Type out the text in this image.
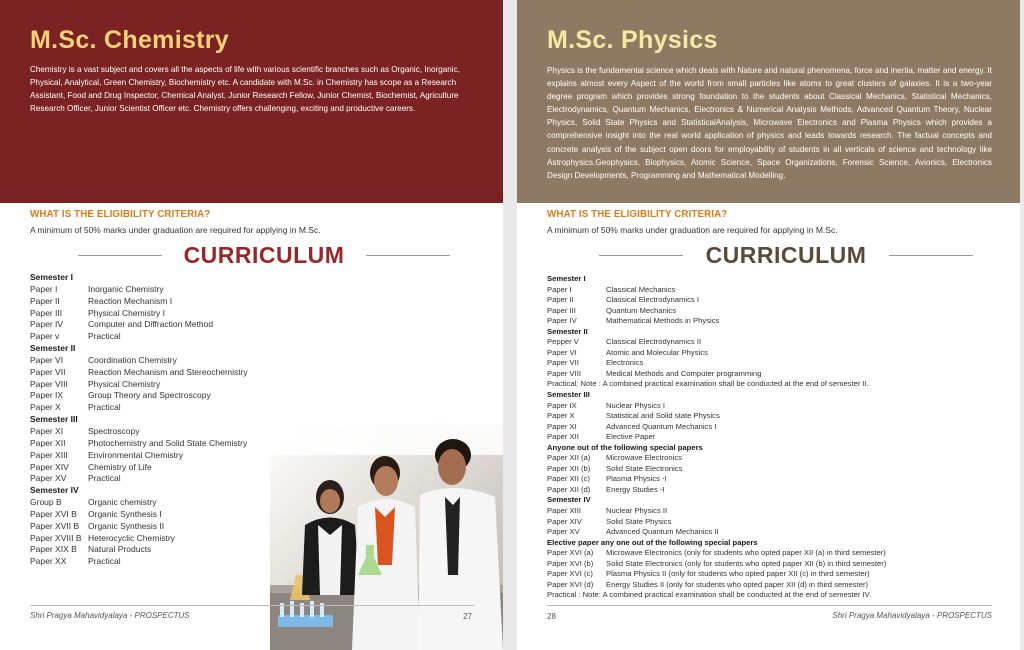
M.Sc. Chemistry
Chemistry is a vast subject and covers all the aspects of life with various scientific branches such as Organic, Inorganic, Physical, Analytical, Green Chemistry, Biochemistry etc. A candidate with M.Sc. in Chemistry has scope as a Research Assistant, Food and Drug Inspector, Chemical Analyst, Junior Research Fellow, Junior Chemist, Biochemist, Agriculture Research Officer, Junior Scientist Officer etc. Chemistry offers challenging, exciting and productive careers.
WHAT IS THE ELIGIBILITY CRITERIA?
A minimum of 50% marks under graduation are required for applying in M.Sc.
CURRICULUM
Semester I
Paper I	Inorganic Chemistry
Paper II	Reaction Mechanism I
Paper III	Physical Chemistry I
Paper IV	Computer and Diffraction Method
Paper v	Practical
Semester II
Paper VI	Coordination Chemistry
Paper VII	Reaction Mechanism and Stereochemistry
Paper VIII Physical Chemistry
Paper IX	Group Theory and Spectroscopy
Paper X	Practical
Semester III
Paper XI	Spectroscopy
Paper XII	Photochemistry and Solid State Chemistry
Paper XIII Environmental Chemistry
Paper XIV Chemistry of Life
Paper XV	Practical
Semester IV
Group B	Organic chemistry
Paper XVI B Organic Synthesis I
Paper XVII B Organic Synthesis II
Paper XVIII B Heterocyclic Chemistry
Paper XIX B Natural Products
Paper XX	Practical
Shri Pragya Mahavidyalaya - PROSPECTUS	27
M.Sc. Physics
Physics is the fundamental science which deals with Nature and natural phenomena, force and inertia, matter and energy. It explains almost every Aspect of the world from small particles like atoms to great clusters of galaxies. It is a two-year degree program which provides strong foundation to the students about Classical Mechanics, Statistical Mechanics, Electrodynamics, Quantum Mechanics, Electronics & Numerical Analysis Methods, Advanced Quantum Theory, Nuclear Physics, Solid State Physics and StatisticalAnalysis, Microwave Electronics and Plasma Physics which provides a comprehensive insight into the real world application of physics and leads towards research. The factual concepts and concrete analysis of the subject open doors for employability of students in all verticals of science and technology like Astrophysics,Geophysics, Biophysics, Atomic Science, Space Organizations, Forensic Science, Avionics, Electronics Design Developments, Programming and Mathematical Modelling.
WHAT IS THE ELIGIBILITY CRITERIA?
A minimum of 50% marks under graduation are required for applying in M.Sc.
CURRICULUM
Semester I
Paper I	Classical Mechanics
Paper II	Classical Electrodynamics I
Paper III	Quantum Mechanics
Paper IV	Mathematical Methods in Physics
Semester II
Pepper V	Classical Electrodynamics II
Paper VI	Atomic and Molecular Physics
Paper VII	Electronics
Paper VIII	Medical Methods and Computer programming
Practical: Note : A combined practical examination shall be conducted at the end of semester II.
Semester III
Paper IX	Nuclear Physics I
Paper X	Statistical and Solid state Physics
Paper XI	Advanced Quantum Mechanics I
Paper XII	Elective Paper
Anyone out of the following special papers
Paper XII (a) Microwave Electronics
Paper XII (b) Solid State Electronics
Paper XII (c) Plasma Physics -I
Paper XII (d) Energy Studies -I
Semester IV
Paper XIII	Nuclear Physics II
Paper XIV	Solid State Physics
Paper XV	Advanced Quantum Mechanics II
Elective paper any one out of the following special papers
Paper XVI (a) Microwave Electronics (only for students who opted paper XII (a) in third semester)
Paper XVI (b) Solid State Electronics (only for students who opted paper XII (b) in third semester)
Paper XVI (c) Plasma Physics II (only for students who opted paper XII (c) in third semester)
Paper XVI (d) Energy Studies II (only for students who opted paper XII (d) in third semester)
Practical : Note: A combined practical examination shall be conducted at the end of semester IV.
28	Shri Pragya Mahavidyalaya - PROSPECTUS
